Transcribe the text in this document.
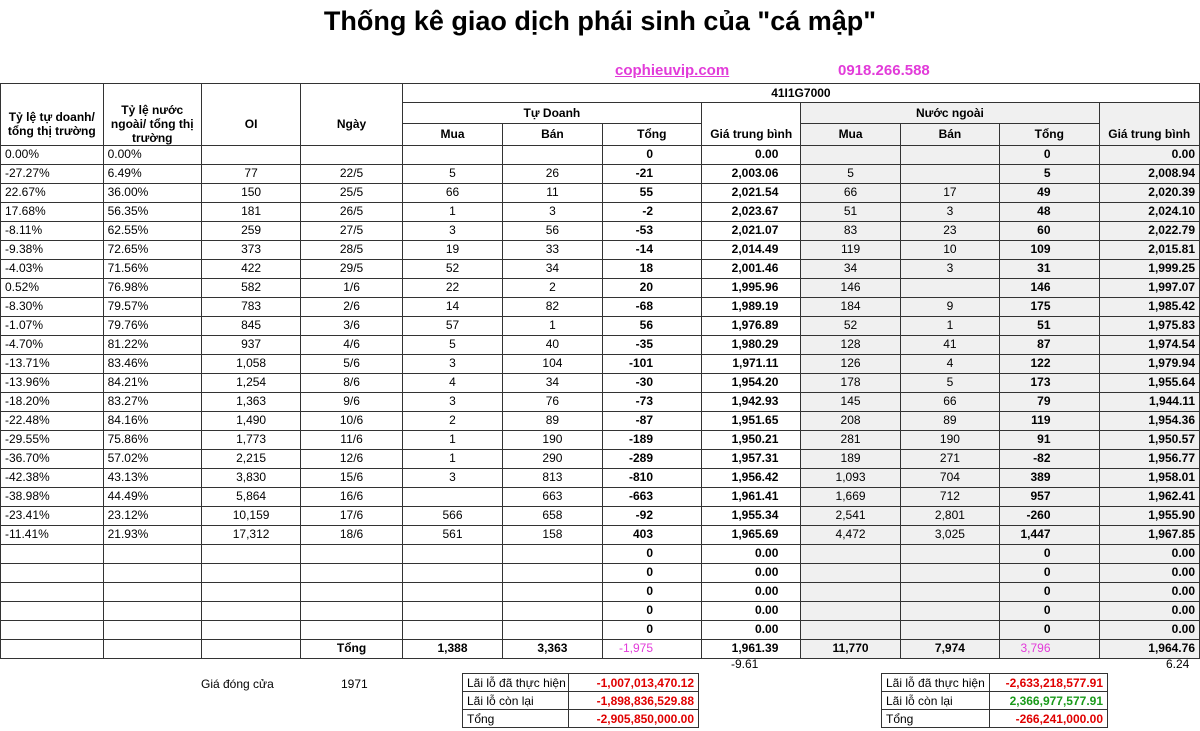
Thống kê giao dịch phái sinh của "cá mập"
cophieuvip.com	0918.266.588
				41I1G7000							
Tỷ lệ tự doanh/ tổng thị trường	Tỷ lệ nước ngoài/ tổng thị trường	OI	Ngày	Tự Doanh				Nước ngoài			
				Mua	Bán	Tổng	Giá trung bình	Mua	Bán	Tổng	Giá trung bình
0.00%	0.00%					0	0.00			0	0.00
-27.27%	6.49%	77	22/5	5	26	-21	2,003.06	5		5	2,008.94
22.67%	36.00%	150	25/5	66	11	55	2,021.54	66	17	49	2,020.39
17.68%	56.35%	181	26/5	1	3	-2	2,023.67	51	3	48	2,024.10
-8.11%	62.55%	259	27/5	3	56	-53	2,021.07	83	23	60	2,022.79
-9.38%	72.65%	373	28/5	19	33	-14	2,014.49	119	10	109	2,015.81
-4.03%	71.56%	422	29/5	52	34	18	2,001.46	34	3	31	1,999.25
0.52%	76.98%	582	1/6	22	2	20	1,995.96	146		146	1,997.07
-8.30%	79.57%	783	2/6	14	82	-68	1,989.19	184	9	175	1,985.42
-1.07%	79.76%	845	3/6	57	1	56	1,976.89	52	1	51	1,975.83
-4.70%	81.22%	937	4/6	5	40	-35	1,980.29	128	41	87	1,974.54
-13.71%	83.46%	1,058	5/6	3	104	-101	1,971.11	126	4	122	1,979.94
-13.96%	84.21%	1,254	8/6	4	34	-30	1,954.20	178	5	173	1,955.64
-18.20%	83.27%	1,363	9/6	3	76	-73	1,942.93	145	66	79	1,944.11
-22.48%	84.16%	1,490	10/6	2	89	-87	1,951.65	208	89	119	1,954.36
-29.55%	75.86%	1,773	11/6	1	190	-189	1,950.21	281	190	91	1,950.57
-36.70%	57.02%	2,215	12/6	1	290	-289	1,957.31	189	271	-82	1,956.77
-42.38%	43.13%	3,830	15/6	3	813	-810	1,956.42	1,093	704	389	1,958.01
-38.98%	44.49%	5,864	16/6		663	-663	1,961.41	1,669	712	957	1,962.41
-23.41%	23.12%	10,159	17/6	566	658	-92	1,955.34	2,541	2,801	-260	1,955.90
-11.41%	21.93%	17,312	18/6	561	158	403	1,965.69	4,472	3,025	1,447	1,967.85
						0	0.00			0	0.00
						0	0.00			0	0.00
						0	0.00			0	0.00
						0	0.00			0	0.00
						0	0.00			0	0.00
			Tổng	1,388	3,363	-1,975	1,961.39	11,770	7,974	3,796	1,964.76
-9.61	6.24
Giá đóng cửa	1971	Lãi lỗ đã thực hiện	-1,007,013,470.12
Lãi lỗ còn lại	-1,898,836,529.88
Tổng	-2,905,850,000.00
Lãi lỗ đã thực hiện	-2,633,218,577.91
Lãi lỗ còn lại	2,366,977,577.91
Tổng	-266,241,000.00
